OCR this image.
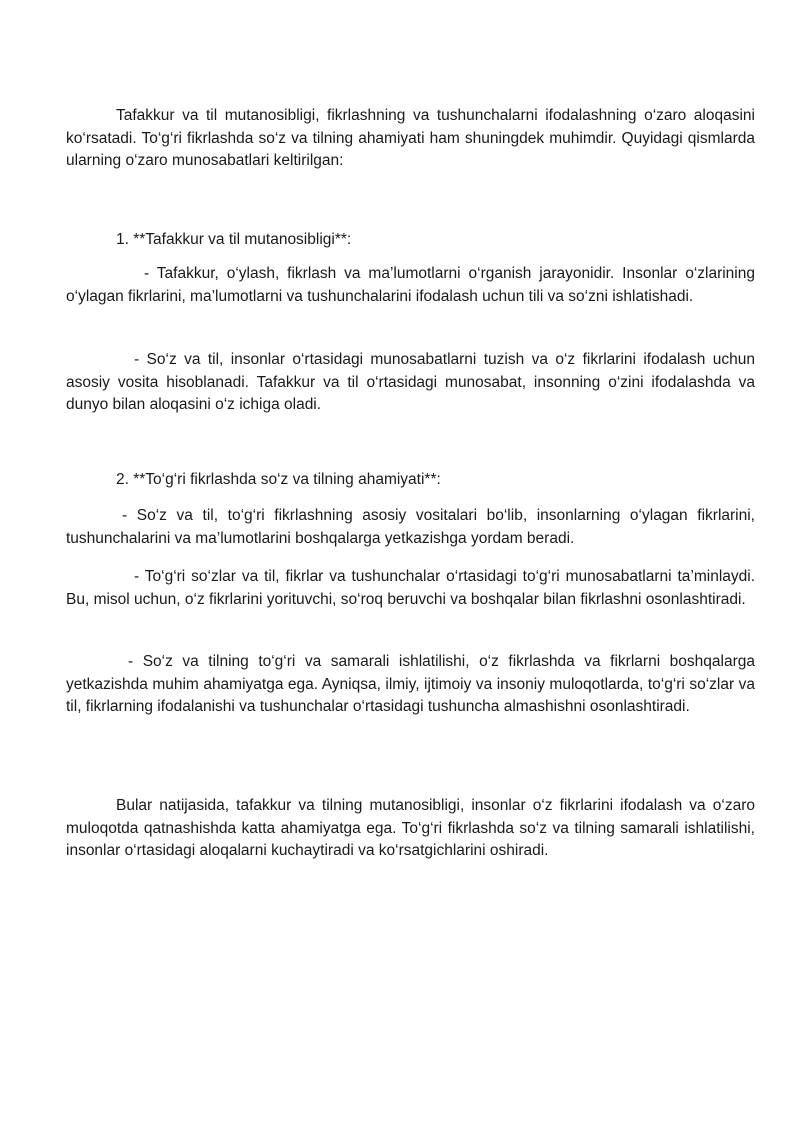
Tafakkur va til mutanosibligi, fikrlashning va tushunchalarni ifodalashning o‘zaro aloqasini ko‘rsatadi. To‘g‘ri fikrlashda so‘z va tilning ahamiyati ham shuningdek muhimdir. Quyidagi qismlarda ularning o‘zaro munosabatlari keltirilgan:

1. **Tafakkur va til mutanosibligi**:

- Tafakkur, o‘ylash, fikrlash va ma’lumotlarni o‘rganish jarayonidir. Insonlar o‘zlarining o‘ylagan fikrlarini, ma’lumotlarni va tushunchalarini ifodalash uchun tili va so‘zni ishlatishadi.

- So‘z va til, insonlar o‘rtasidagi munosabatlarni tuzish va o‘z fikrlarini ifodalash uchun asosiy vosita hisoblanadi. Tafakkur va til o‘rtasidagi munosabat, insonning o‘zini ifodalashda va dunyo bilan aloqasini o‘z ichiga oladi.

2. **To‘g‘ri fikrlashda so‘z va tilning ahamiyati**:

- So‘z va til, to‘g‘ri fikrlashning asosiy vositalari bo‘lib, insonlarning o‘ylagan fikrlarini, tushunchalarini va ma’lumotlarini boshqalarga yetkazishga yordam beradi.

- To‘g‘ri so‘zlar va til, fikrlar va tushunchalar o‘rtasidagi to‘g‘ri munosabatlarni ta’minlaydi. Bu, misol uchun, o‘z fikrlarini yorituvchi, so‘roq beruvchi va boshqalar bilan fikrlashni osonlashtiradi.

- So‘z va tilning to‘g‘ri va samarali ishlatilishi, o‘z fikrlashda va fikrlarni boshqalarga yetkazishda muhim ahamiyatga ega. Ayniqsa, ilmiy, ijtimoiy va insoniy muloqotlarda, to‘g‘ri so‘zlar va til, fikrlarning ifodalanishi va tushunchalar o‘rtasidagi tushuncha almashishni osonlashtiradi.

Bular natijasida, tafakkur va tilning mutanosibligi, insonlar o‘z fikrlarini ifodalash va o‘zaro muloqotda qatnashishda katta ahamiyatga ega. To‘g‘ri fikrlashda so‘z va tilning samarali ishlatilishi, insonlar o‘rtasidagi aloqalarni kuchaytiradi va ko‘rsatgichlarini oshiradi.
